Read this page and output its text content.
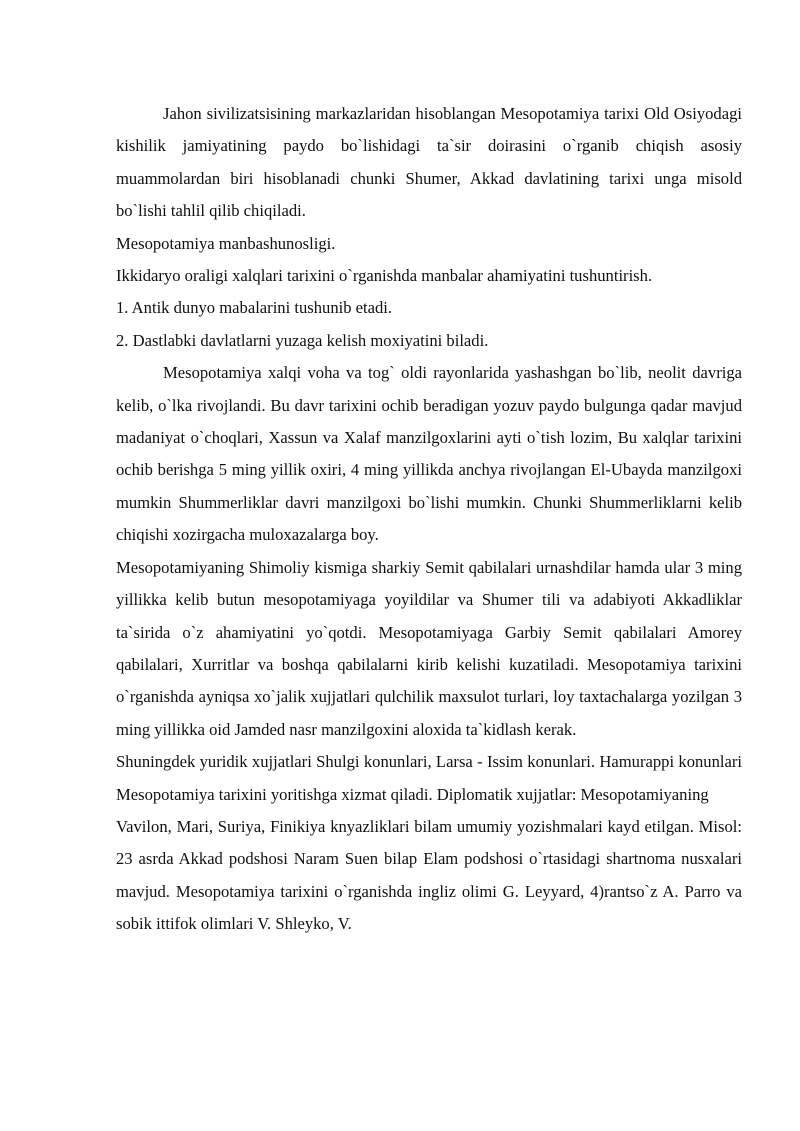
Jahon sivilizatsisining markazlaridan hisoblangan Mesopotamiya tarixi Old Osiyodagi kishilik jamiyatining paydo bo`lishidagi ta`sir doirasini o`rganib chiqish asosiy muammolardan biri hisoblanadi chunki Shumer, Akkad davlatining tarixi unga misold bo`lishi tahlil qilib chiqiladi.

Mesopotamiya manbashunosligi.

Ikkidaryo oraligi xalqlari tarixini o`rganishda manbalar ahamiyatini tushuntirish.

1. Antik dunyo mabalarini tushunib etadi.

2. Dastlabki davlatlarni yuzaga kelish moxiyatini biladi.

Mesopotamiya xalqi voha va tog` oldi rayonlarida yashashgan bo`lib, neolit davriga kelib, o`lka rivojlandi. Bu davr tarixini ochib beradigan yozuv paydo bulgunga qadar mavjud madaniyat o`choqlari, Xassun va Xalaf manzilgoxlarini ayti o`tish lozim, Bu xalqlar tarixini ochib berishga 5 ming yillik oxiri, 4 ming yillikda anchya rivojlangan El-Ubayda manzilgoxi mumkin Shummerliklar davri manzilgoxi bo`lishi mumkin. Chunki Shummerliklarni kelib chiqishi xozirgacha muloxazalarga boy.

Mesopotamiyaning Shimoliy kismiga sharkiy Semit qabilalari urnashdilar hamda ular 3 ming yillikka kelib butun mesopotamiyaga yoyildilar va Shumer tili va adabiyoti Akkadliklar ta`sirida o`z ahamiyatini yo`qotdi. Mesopotamiyaga Garbiy Semit qabilalari Amorey qabilalari, Xurritlar va boshqa qabilalarni kirib kelishi kuzatiladi. Mesopotamiya tarixini o`rganishda ayniqsa xo`jalik xujjatlari qulchilik maxsulot turlari, loy taxtachalarga yozilgan 3 ming yillikka oid Jamded nasr manzilgoxini aloxida ta`kidlash kerak.

Shuningdek yuridik xujjatlari Shulgi konunlari, Larsa - Issim konunlari. Hamurappi konunlari Mesopotamiya tarixini yoritishga xizmat qiladi. Diplomatik xujjatlar: Mesopotamiyaning

Vavilon, Mari, Suriya, Finikiya knyazliklari bilam umumiy yozishmalari kayd etilgan. Misol: 23 asrda Akkad podshosi Naram Suen bilap Elam podshosi o`rtasidagi shartnoma nusxalari mavjud. Mesopotamiya tarixini o`rganishda ingliz olimi G. Leyyard, 4)rantso`z A. Parro va sobik ittifok olimlari V. Shleyko, V.
